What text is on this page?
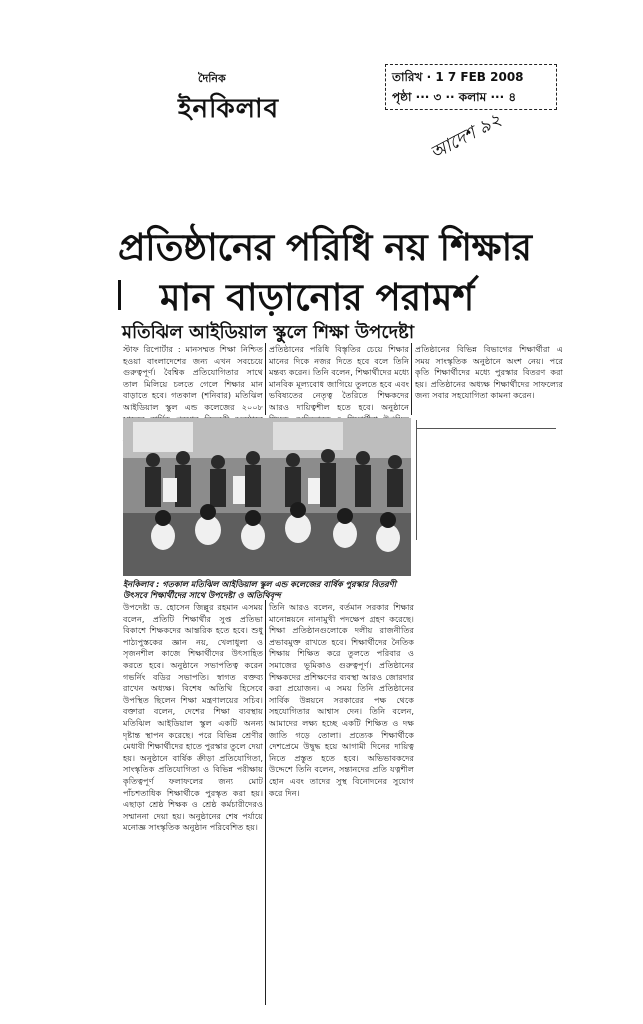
দৈনিক
ইনকিলাব
তারিখ · 1 7 FEB 2008
পৃষ্ঠা ··· ৩ ·· কলাম ··· ৪
আদেশ ৯২
প্রতিষ্ঠানের পরিধি নয় শিক্ষার
মান বাড়ানোর পরামর্শ
মতিঝিল আইডিয়াল স্কুলে শিক্ষা উপদেষ্টা

স্টাফ রিপোর্টার : মানসম্মত শিক্ষা নিশ্চিত হওয়া বাংলাদেশের জন্য এখন সবচেয়ে গুরুত্বপূর্ণ। বৈশ্বিক প্রতিযোগিতার সাথে তাল মিলিয়ে চলতে গেলে শিক্ষার মান বাড়াতে হবে। গতকাল (শনিবার) মতিঝিল আইডিয়াল স্কুল এন্ড কলেজের ২০০৮

প্রতিষ্ঠানের পরিধি বিস্তৃতির চেয়ে শিক্ষার মানের দিকে নজর দিতে হবে বলে তিনি মন্তব্য করেন। তিনি বলেন, শিক্ষার্থীদের মধ্যে মানবিক মূল্যবোধ জাগিয়ে তুলতে হবে এবং ভবিষ্যতের নেতৃত্ব তৈরিতে শিক্ষকদের আরও দায়িত্বশীল হতে হবে। অনুষ্ঠানে

প্রতিষ্ঠানের বিভিন্ন বিভাগের শিক্ষার্থীরা এ সময় সাংস্কৃতিক অনুষ্ঠানে অংশ নেয়। পরে কৃতি শিক্ষার্থীদের মধ্যে পুরস্কার বিতরণ করা হয়। প্রতিষ্ঠানের অধ্যক্ষ শিক্ষার্থীদের সাফল্যের জন্য সবার সহযোগিতা কামনা করেন।

ইনকিলাব : গতকাল মতিঝিল আইডিয়াল স্কুল এন্ড কলেজের বার্ষিক পুরস্কার বিতরণী উৎসবে শিক্ষার্থীদের সাথে উপদেষ্টা ও অতিথিবৃন্দ

উপদেষ্টা ড. হোসেন জিল্লুর রহমান এসময় বলেন, প্রতিটি শিক্ষার্থীর সুপ্ত প্রতিভা বিকাশে শিক্ষকদের আন্তরিক হতে হবে। শুধু পাঠ্যপুস্তকের জ্ঞান নয়, খেলাধুলা ও সৃজনশীল কাজে শিক্ষার্থীদের উৎসাহিত করতে হবে। অনুষ্ঠানে সভাপতিত্ব করেন গভর্নিং বডির সভাপতি। স্বাগত বক্তব্য রাখেন অধ্যক্ষ। বিশেষ অতিথি হিসেবে উপস্থিত ছিলেন শিক্ষা মন্ত্রণালয়ের সচিব। বক্তারা বলেন, দেশের শিক্ষা ব্যবস্থায় মতিঝিল আইডিয়াল স্কুল একটি অনন্য দৃষ্টান্ত স্থাপন করেছে। পরে বিভিন্ন শ্রেণীর মেধাবী শিক্ষার্থীদের হাতে পুরস্কার তুলে দেয়া হয়। অনুষ্ঠানে বার্ষিক ক্রীড়া প্রতিযোগিতা, সাংস্কৃতিক প্রতিযোগিতা ও বিভিন্ন পরীক্ষায় কৃতিত্বপূর্ণ ফলাফলের জন্য মোট পাঁচশতাধিক শিক্ষার্থীকে পুরস্কৃত করা হয়। এছাড়া শ্রেষ্ঠ শিক্ষক ও শ্রেষ্ঠ কর্মচারীদেরও সম্মাননা দেয়া হয়। অনুষ্ঠানের শেষ পর্যায়ে মনোজ্ঞ সাংস্কৃতিক অনুষ্ঠান পরিবেশিত হয়।

তিনি আরও বলেন, বর্তমান সরকার শিক্ষার মানোন্নয়নে নানামুখী পদক্ষেপ গ্রহণ করেছে। শিক্ষা প্রতিষ্ঠানগুলোকে দলীয় রাজনীতির প্রভাবমুক্ত রাখতে হবে। শিক্ষার্থীদের নৈতিক শিক্ষায় শিক্ষিত করে তুলতে পরিবার ও সমাজের ভূমিকাও গুরুত্বপূর্ণ। প্রতিষ্ঠানের শিক্ষকদের প্রশিক্ষণের ব্যবস্থা আরও জোরদার করা প্রয়োজন। এ সময় তিনি প্রতিষ্ঠানের সার্বিক উন্নয়নে সরকারের পক্ষ থেকে সহযোগিতার আশ্বাস দেন। তিনি বলেন, আমাদের লক্ষ্য হচ্ছে একটি শিক্ষিত ও দক্ষ জাতি গড়ে তোলা। প্রত্যেক শিক্ষার্থীকে দেশপ্রেমে উদ্বুদ্ধ হয়ে আগামী দিনের দায়িত্ব নিতে প্রস্তুত হতে হবে। অভিভাবকদের উদ্দেশে তিনি বলেন, সন্তানদের প্রতি যত্নশীল হোন এবং তাদের সুস্থ বিনোদনের সুযোগ করে দিন।
